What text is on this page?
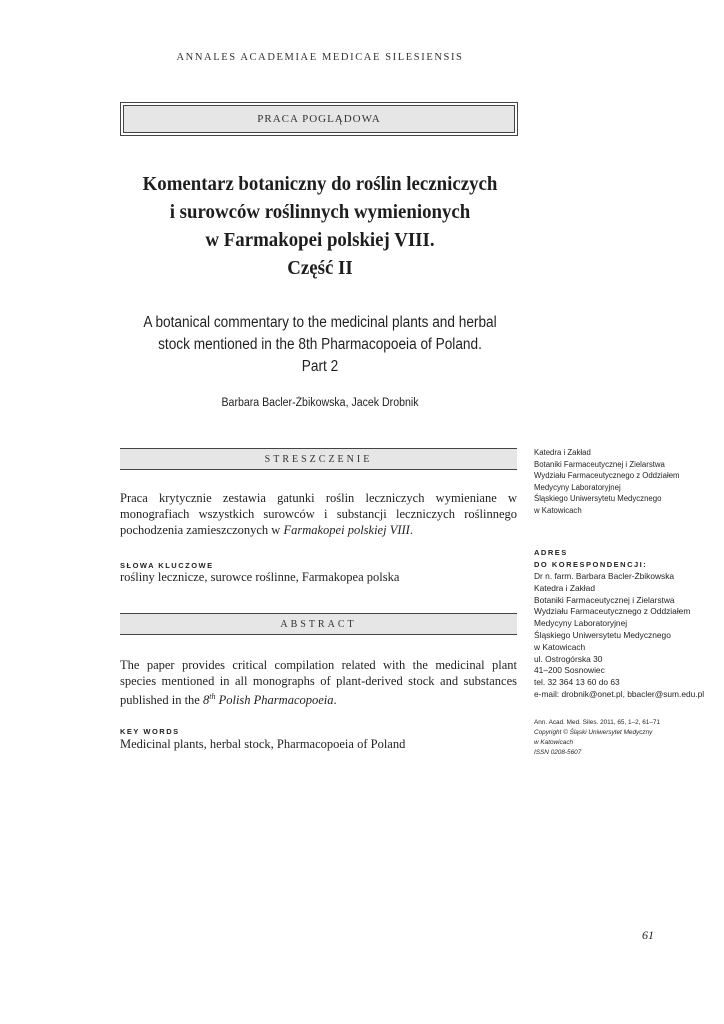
ANNALES ACADEMIAE MEDICAE SILESIENSIS
PRACA POGLĄDOWA
Komentarz botaniczny do roślin leczniczych
i surowców roślinnych wymienionych
w Farmakopei polskiej VIII.
Część II
A botanical commentary to the medicinal plants and herbal
stock mentioned in the 8th Pharmacopoeia of Poland.
Part 2
Barbara Bacler-Żbikowska, Jacek Drobnik
STRESZCZENIE
Praca krytycznie zestawia gatunki roślin leczniczych wymieniane w monografiach wszystkich surowców i substancji leczniczych roślinnego pochodzenia zamieszczonych w Farmakopei polskiej VIII.
SŁOWA KLUCZOWE
rośliny lecznicze, surowce roślinne, Farmakopea polska
ABSTRACT
The paper provides critical compilation related with the medicinal plant species mentioned in all monographs of plant-derived stock and substances published in the 8th Polish Pharmacopoeia.
KEY WORDS
Medicinal plants, herbal stock, Pharmacopoeia of Poland
Katedra i Zakład
Botaniki Farmaceutycznej i Zielarstwa
Wydziału Farmaceutycznego z Oddziałem
Medycyny Laboratoryjnej
Śląskiego Uniwersytetu Medycznego
w Katowicach
ADRES
DO KORESPONDENCJI:
Dr n. farm. Barbara Bacler-Żbikowska
Katedra i Zakład
Botaniki Farmaceutycznej i Zielarstwa
Wydziału Farmaceutycznego z Oddziałem
Medycyny Laboratoryjnej
Śląskiego Uniwersytetu Medycznego
w Katowicach
ul. Ostrogórska 30
41–200 Sosnowiec
tel. 32 364 13 60 do 63
e-mail: drobnik@onet.pl, bbacler@sum.edu.pl
Ann. Acad. Med. Siles. 2011, 65, 1–2, 61–71
Copyright © Śląski Uniwersytet Medyczny
w Katowicach
ISSN 0208-5607
61
